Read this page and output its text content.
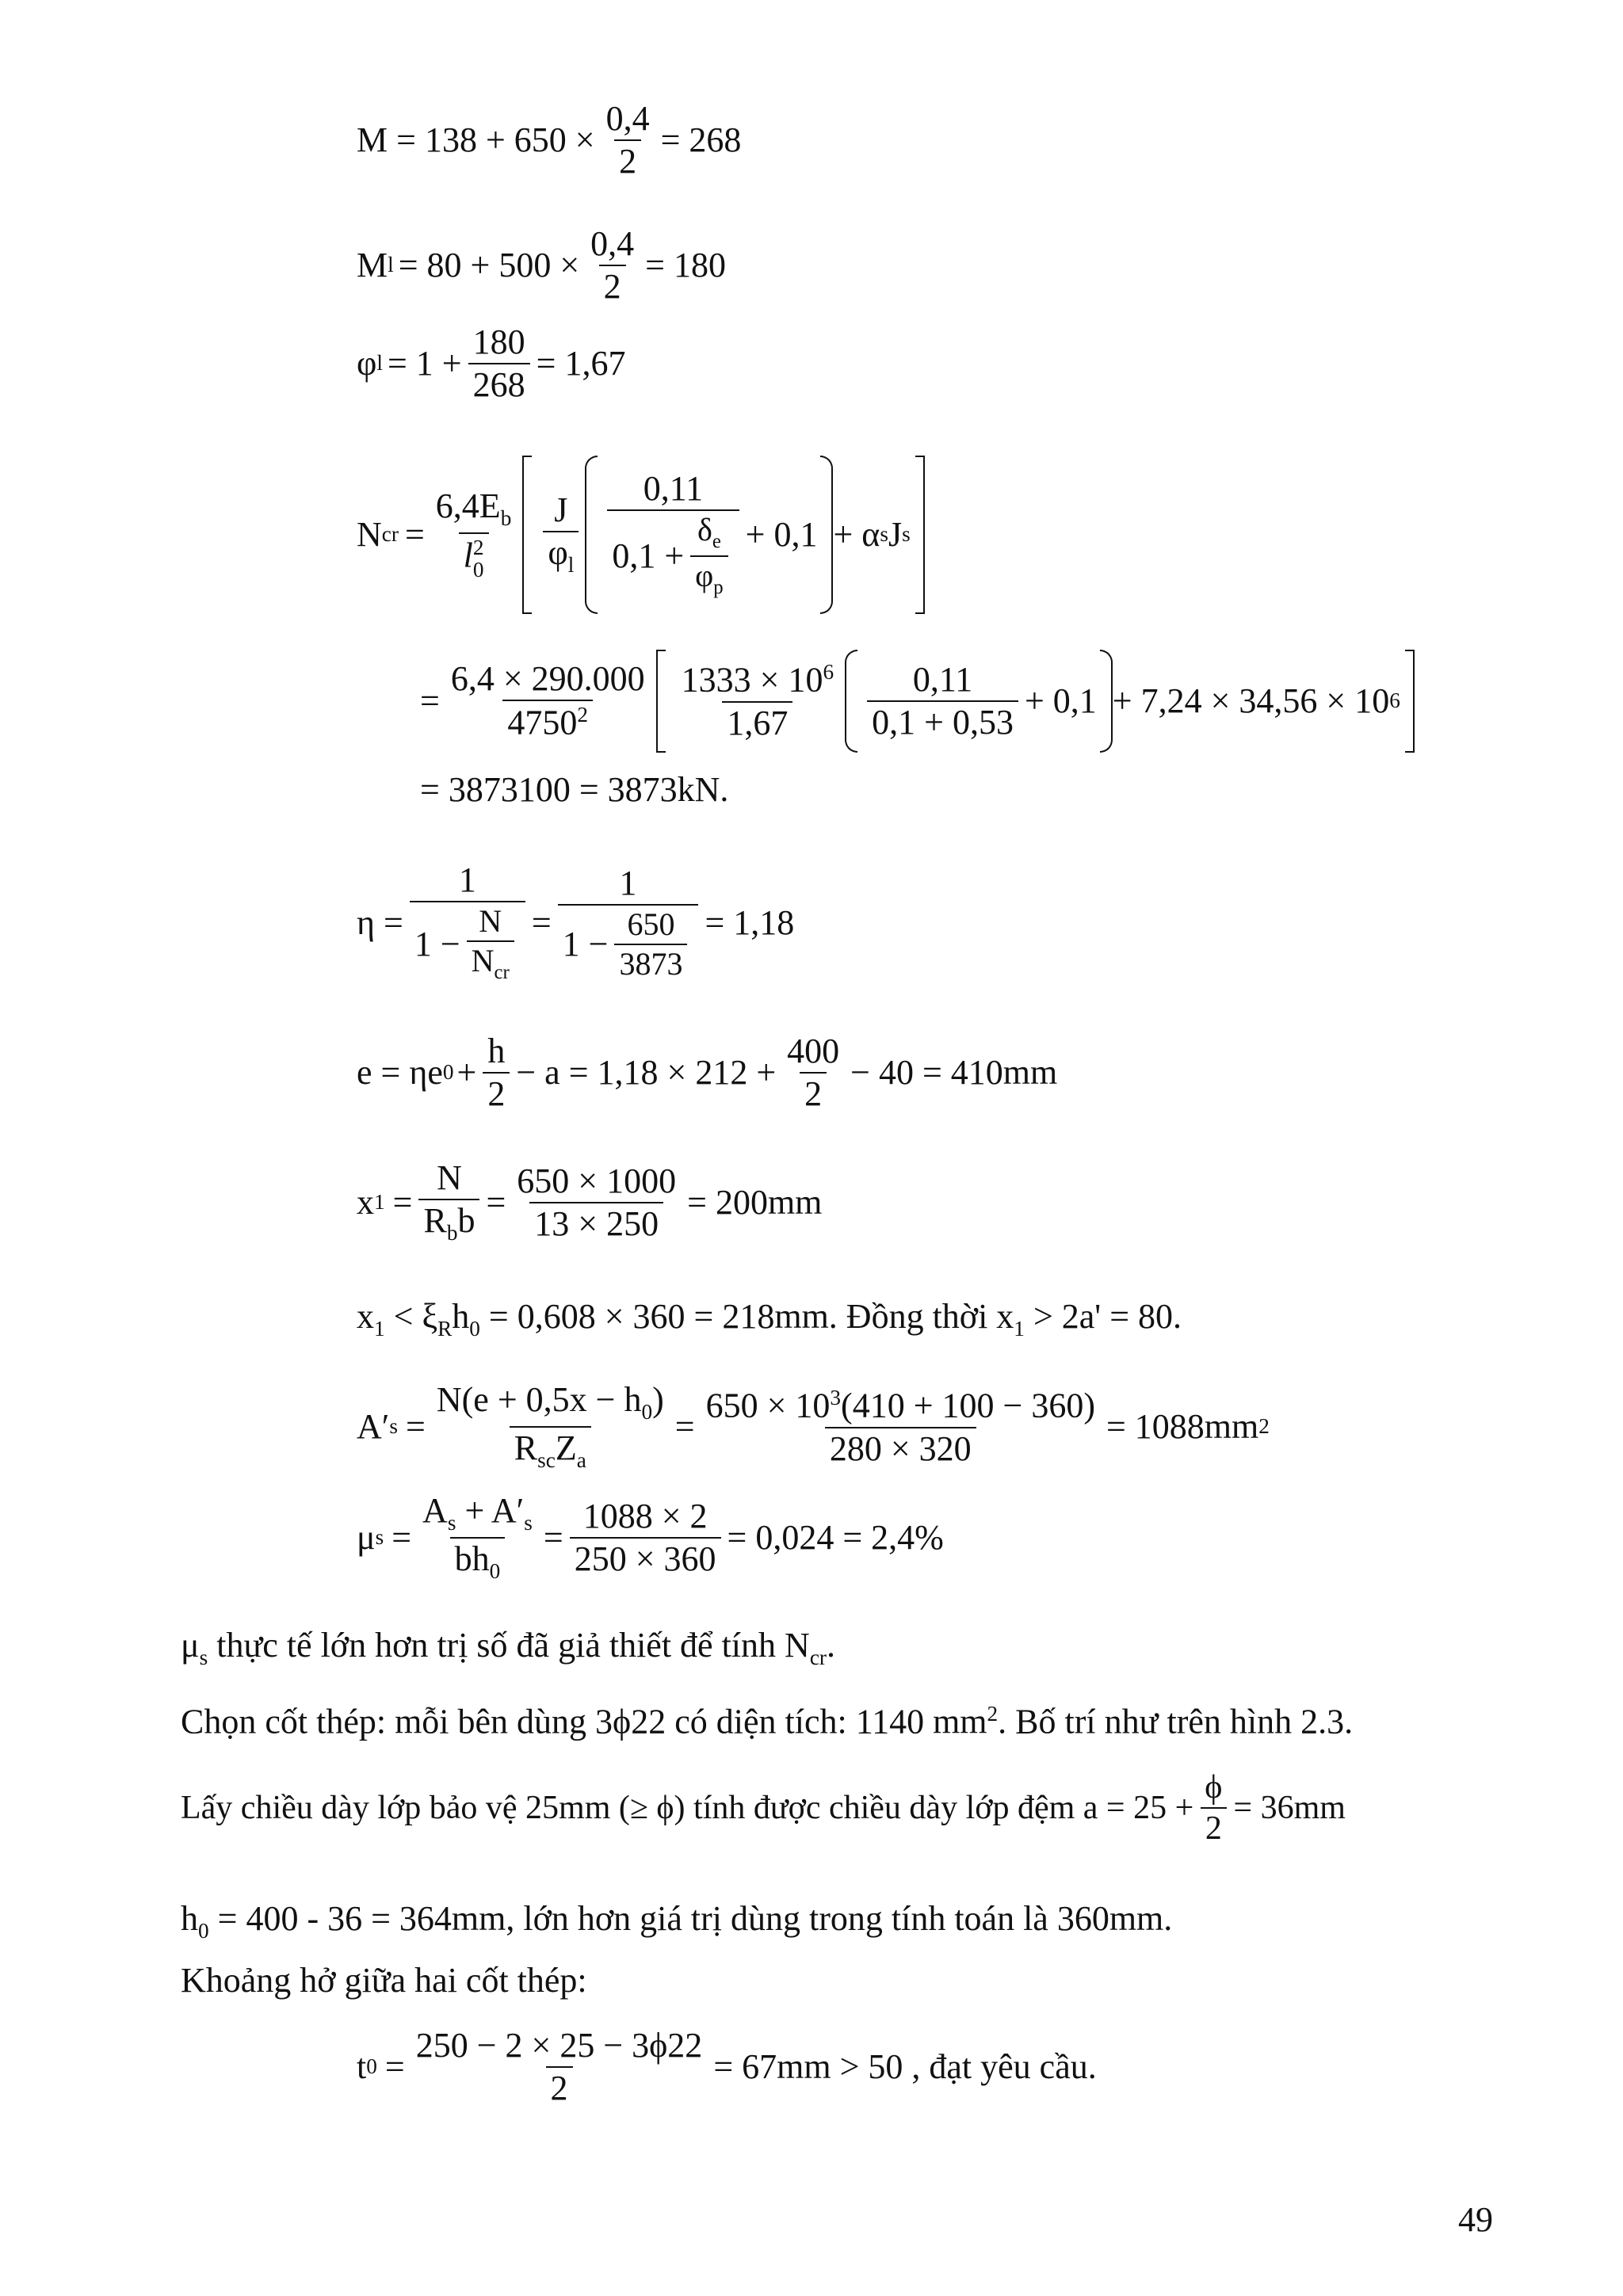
$M = 138 + 650 \times \frac{0,4}{2} = 268$
M $l = 80 + 500 \times \frac{0,4}{2} = 180$
φ $l = 1 + \frac{180}{268} = 1,67$
N cr = $6,4E_b$
l 2
$0 \frac{J}{\varphi_l} \frac{0,11}{0,1 + \frac{\delta_e}{\varphi_p}} + 0,1 + \alpha$ s J s
= $\frac{6,4 \times 290.000}{4750^2} \frac{1333 \times 10^6}{1,67} \frac{0,11}{0,1 + 0,53} + 0,1 + 7,24 \times 34,56 \times 10$ 6
= 3873100 = 3873kN.
$\eta = \frac{1}{1 - \frac{N}{N_{cr}}} = \frac{1}{1 - \frac{650}{3873}} = 1,18$
e = ηe $0 + \frac{h}{2} - a = 1,18 \times 212 + \frac{400}{2} - 40 = 410mm$
x $1 = \frac{N}{R_bb} = \frac{650 \times 1000}{13 \times 250} = 200mm$
$x_1 < \xi_Rh_0 = 0,608 \times 360 = 218mm$. Đồng thời $x_1 > 2a' = 80$.
A′ $s = \frac{N(e + 0,5x - h_0)}{R_{sc}Z_a} = \frac{650 \times 10^3(410 + 100 - 360)}{280 \times 320} = 1088mm$ 2
μ $s = \frac{A_s + A'_s}{bh_0} = \frac{1088 \times 2}{250 \times 360} = 0,024 = 2,4\%$
$\mu_s$ thực tế lớn hơn trị số đã giả thiết để tính $N_{cr}$.
Chọn cốt thép: mỗi bên dùng 3ϕ22 có diện tích: 1140 $mm^2$. Bố trí như trên hình 2.3.
Lấy chiều dày lớp bảo vệ 25mm (≥ ϕ) tính được chiều dày lớp đệm $a = 25 + \frac{\phi}{2} = 36mm$
$h_0 = 400 - 36 = 364mm$, lớn hơn giá trị dùng trong tính toán là 360mm.
Khoảng hở giữa hai cốt thép:
t $0 = \frac{250 - 2 \times 25 - 3\phi 22}{2} = 67mm > 50$ , đạt yêu cầu.
49
